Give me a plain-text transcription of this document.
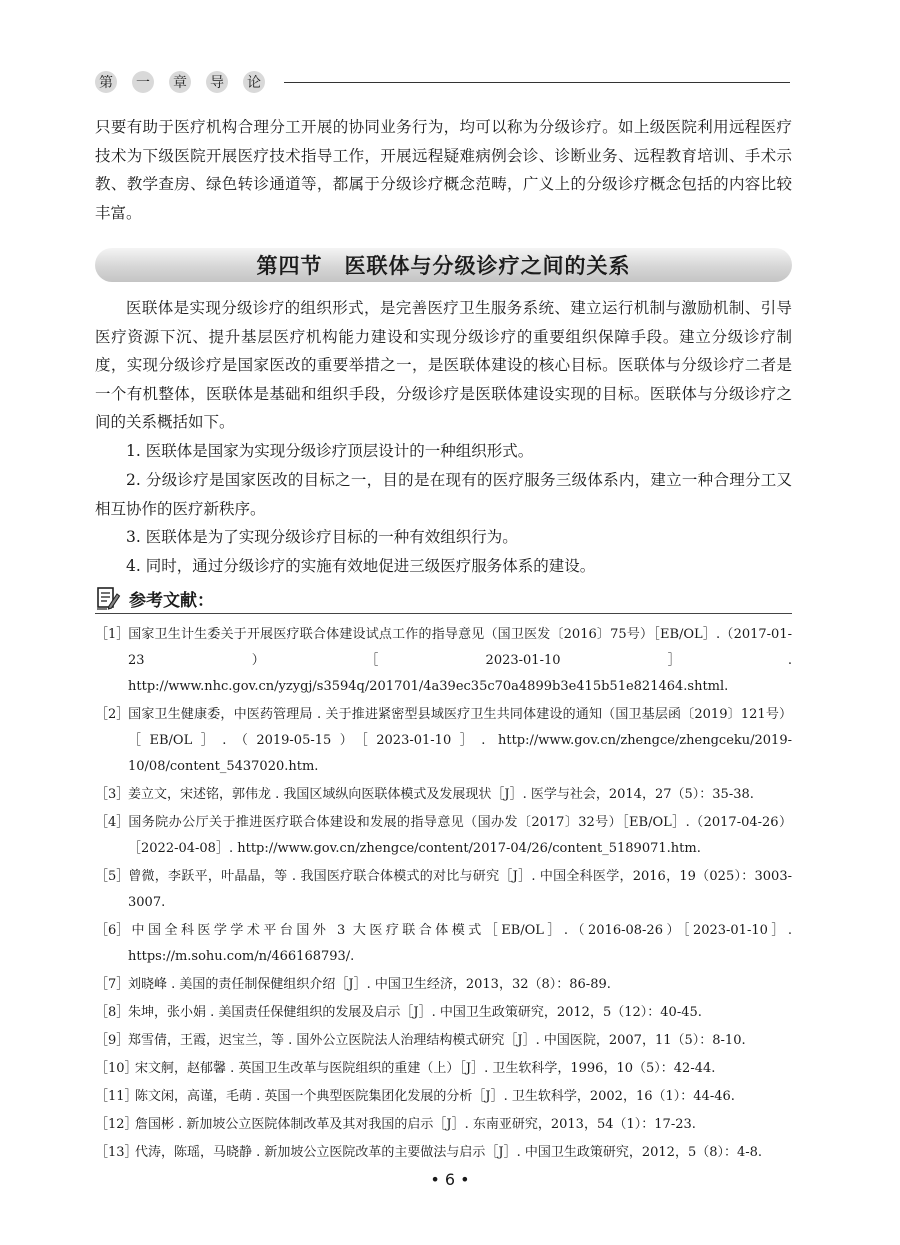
第 一 章 导 论

只要有助于医疗机构合理分工开展的协同业务行为，均可以称为分级诊疗。如上级医院利用远程医疗技术为下级医院开展医疗技术指导工作，开展远程疑难病例会诊、诊断业务、远程教育培训、手术示教、教学查房、绿色转诊通道等，都属于分级诊疗概念范畴，广义上的分级诊疗概念包括的内容比较丰富。

第四节　医联体与分级诊疗之间的关系

医联体是实现分级诊疗的组织形式，是完善医疗卫生服务系统、建立运行机制与激励机制、引导医疗资源下沉、提升基层医疗机构能力建设和实现分级诊疗的重要组织保障手段。建立分级诊疗制度，实现分级诊疗是国家医改的重要举措之一，是医联体建设的核心目标。医联体与分级诊疗二者是一个有机整体，医联体是基础和组织手段，分级诊疗是医联体建设实现的目标。医联体与分级诊疗之间的关系概括如下。

1. 医联体是国家为实现分级诊疗顶层设计的一种组织形式。

2. 分级诊疗是国家医改的目标之一，目的是在现有的医疗服务三级体系内，建立一种合理分工又相互协作的医疗新秩序。

3. 医联体是为了实现分级诊疗目标的一种有效组织行为。

4. 同时，通过分级诊疗的实施有效地促进三级医疗服务体系的建设。

参考文献：

［1］国家卫生计生委关于开展医疗联合体建设试点工作的指导意见（国卫医发〔2016〕75号）［EB/OL］.（2017-01-23）［2023-01-10］. http://www.nhc.gov.cn/yzygj/s3594q/201701/4a39ec35c70a4899b3e415b51e821464.shtml.

［2］国家卫生健康委，中医药管理局 . 关于推进紧密型县域医疗卫生共同体建设的通知（国卫基层函〔2019〕121号）［EB/OL］.（2019-05-15）［2023-01-10］. http://www.gov.cn/zhengce/zhengceku/2019-10/08/content_5437020.htm.

［3］姜立文，宋述铭，郭伟龙 . 我国区域纵向医联体模式及发展现状［J］. 医学与社会，2014，27（5）：35-38.

［4］国务院办公厅关于推进医疗联合体建设和发展的指导意见（国办发〔2017〕32号）［EB/OL］.（2017-04-26）［2022-04-08］. http://www.gov.cn/zhengce/content/2017-04/26/content_5189071.htm.

［5］曾微，李跃平，叶晶晶，等 . 我国医疗联合体模式的对比与研究［J］. 中国全科医学，2016，19（025）：3003-3007.

［6］中国全科医学学术平台国外 3 大医疗联合体模式［EB/OL］.（2016-08-26）［2023-01-10］. https://m.sohu.com/n/466168793/.

［7］刘晓峰 . 美国的责任制保健组织介绍［J］. 中国卫生经济，2013，32（8）：86-89.

［8］朱坤，张小娟 . 美国责任保健组织的发展及启示［J］. 中国卫生政策研究，2012，5（12）：40-45.

［9］郑雪倩，王霞，迟宝兰，等 . 国外公立医院法人治理结构模式研究［J］. 中国医院，2007，11（5）：8-10.

［10］宋文舸，赵郁馨 . 英国卫生改革与医院组织的重建（上）［J］. 卫生软科学，1996，10（5）：42-44.

［11］陈文闲，高谨，毛萌 . 英国一个典型医院集团化发展的分析［J］. 卫生软科学，2002，16（1）：44-46.

［12］詹国彬 . 新加坡公立医院体制改革及其对我国的启示［J］. 东南亚研究，2013，54（1）：17-23.

［13］代涛，陈瑶，马晓静 . 新加坡公立医院改革的主要做法与启示［J］. 中国卫生政策研究，2012，5（8）：4-8.

• 6 •
